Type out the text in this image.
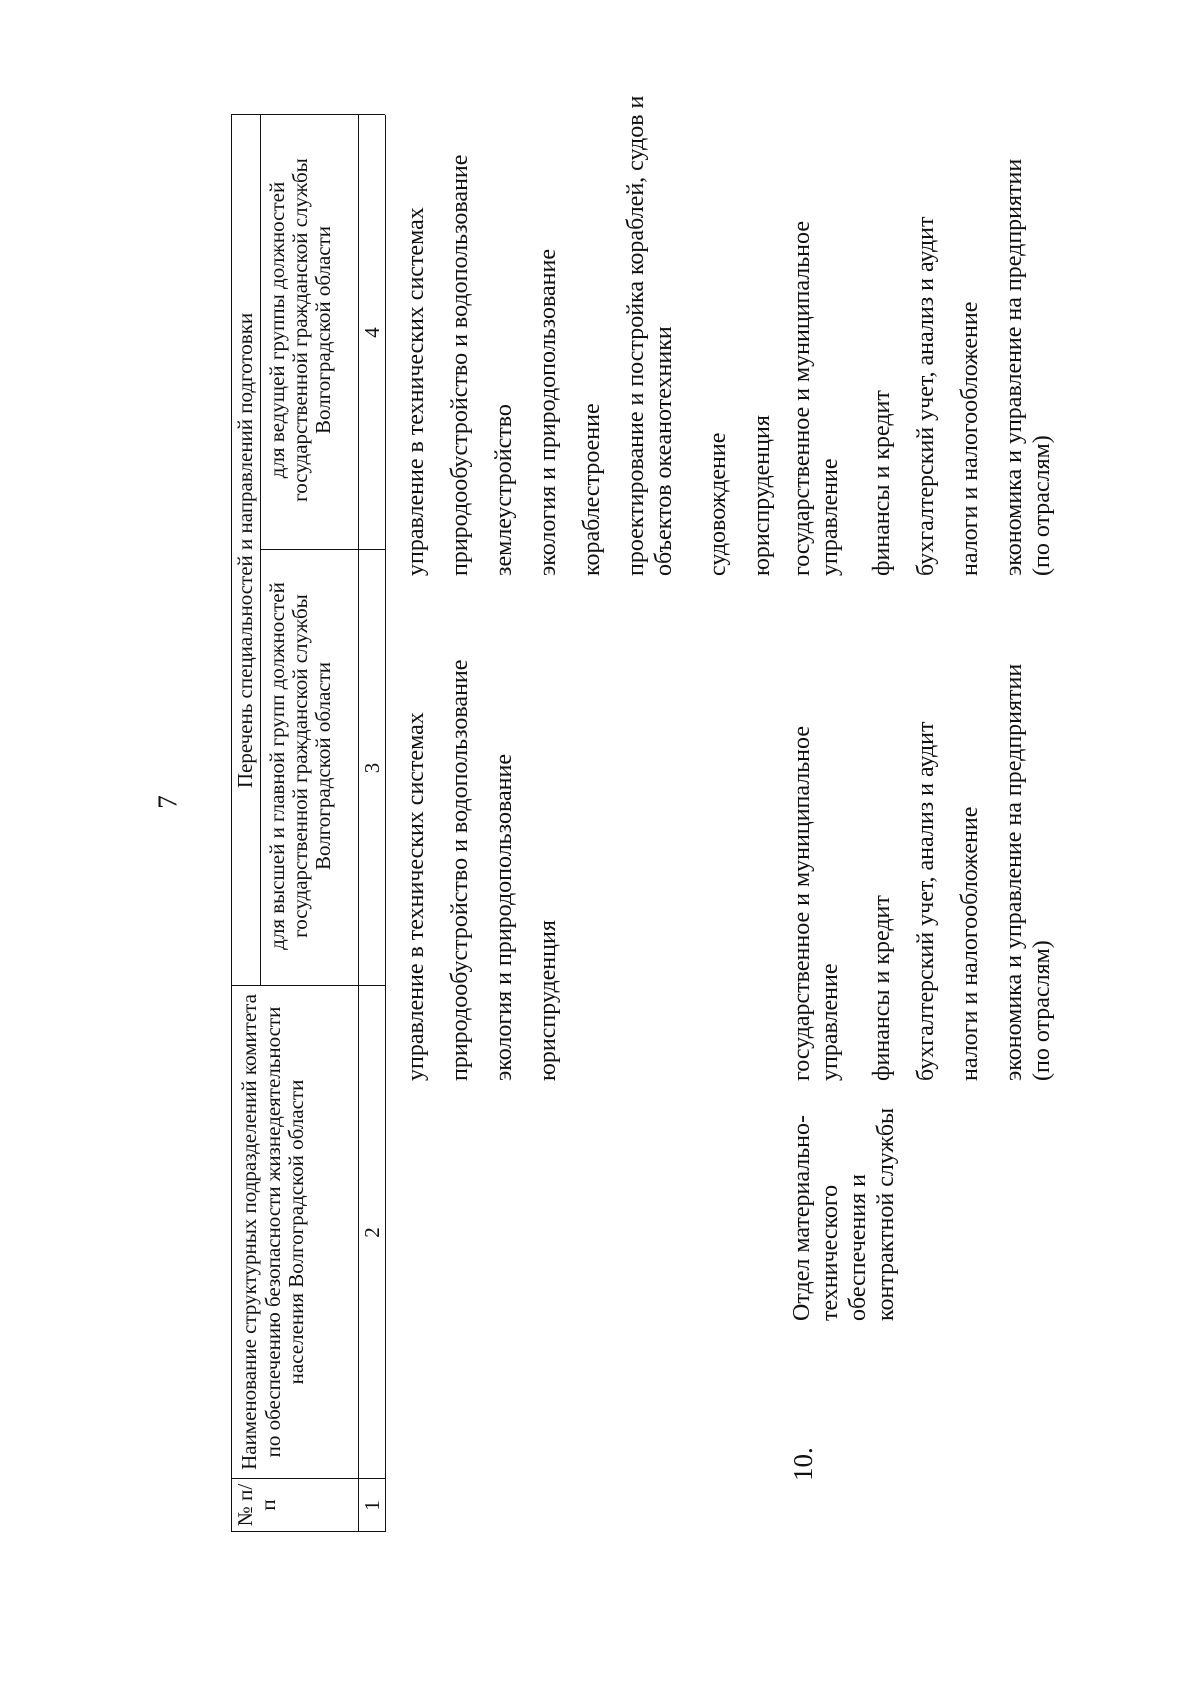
7
№ п/п
Наименование структурных подразделений комитета по обеспечению безопасности жизнедеятельности населения Волгоградской области
Перечень специальностей и направлений подготовки для высшей и главной групп должностей государственной гражданской службы Волгоградской области
для ведущей группы должностей государственной гражданской службы Волгоградской области
1
2
3
4
управление в технических системах природообустройство и водопользование экология и природопользование юриспруденция
управление в технических системах природообустройство и водопользование землеустройство экология и природопользование кораблестроение проектирование и постройка кораблей, судов и объектов океанотехники судовождение юриспруденция
10.
Отдел материально-технического обеспечения и контрактной службы
государственное и муниципальное управление финансы и кредит бухгалтерский учет, анализ и аудит налоги и налогообложение экономика и управление на предприятии (по отраслям)
государственное и муниципальное управление финансы и кредит бухгалтерский учет, анализ и аудит налоги и налогообложение экономика и управление на предприятии (по отраслям)
